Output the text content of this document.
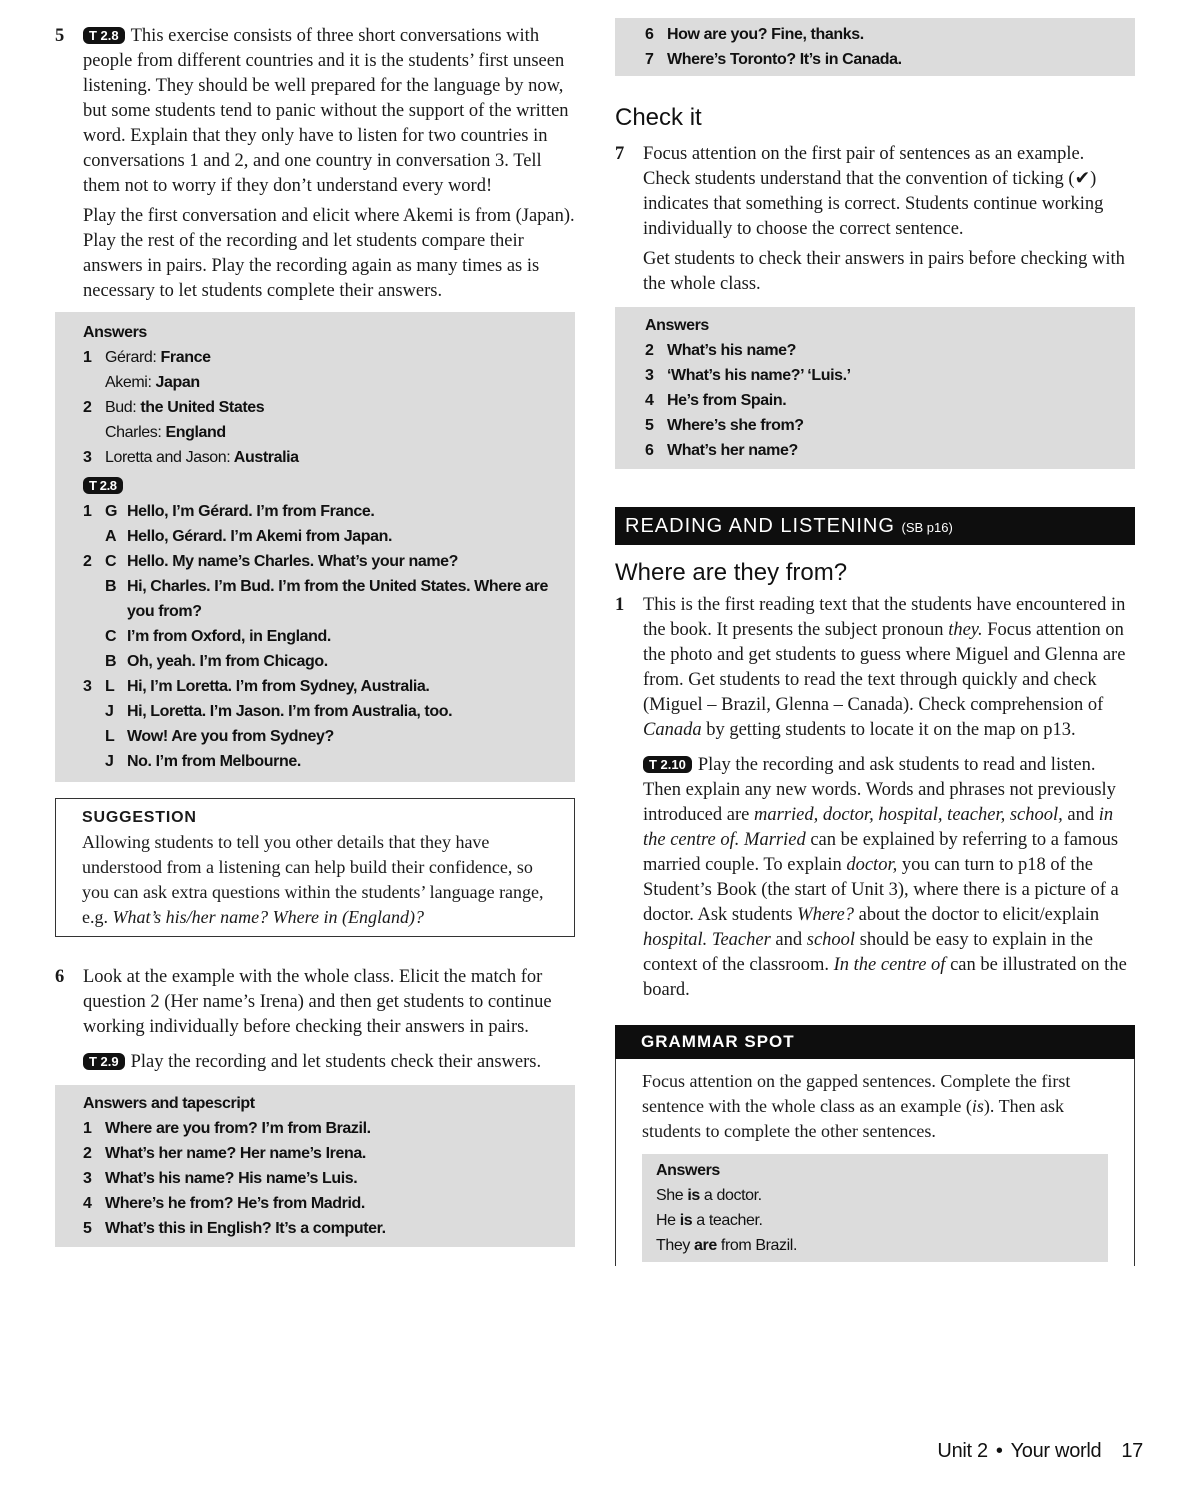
5	T 2.8 This exercise consists of three short conversations with people from different countries and it is the students’ first unseen listening. They should be well prepared for the language by now, but some students tend to panic without the support of the written word. Explain that they only have to listen for two countries in conversations 1 and 2, and one country in conversation 3. Tell them not to worry if they don’t understand every word!

Play the first conversation and elicit where Akemi is from (Japan). Play the rest of the recording and let students compare their answers in pairs. Play the recording again as many times as is necessary to let students complete their answers.

Answers
1 Gérard: France
Akemi: Japan
2 Bud: the United States
Charles: England
3 Loretta and Jason: Australia
T 2.8
1 G Hello, I’m Gérard. I’m from France.
A Hello, Gérard. I’m Akemi from Japan.
2 C Hello. My name’s Charles. What’s your name?
B Hi, Charles. I’m Bud. I’m from the United States. Where are you from?
C I’m from Oxford, in England.
B Oh, yeah. I’m from Chicago.
3 L Hi, I’m Loretta. I’m from Sydney, Australia.
J Hi, Loretta. I’m Jason. I’m from Australia, too.
L Wow! Are you from Sydney?
J No. I’m from Melbourne.
SUGGESTION
Allowing students to tell you other details that they have understood from a listening can help build their confidence, so you can ask extra questions within the students’ language range, e.g. What’s his/her name? Where in (England)?
6 Look at the example with the whole class. Elicit the match for question 2 (Her name’s Irena) and then get students to continue working individually before checking their answers in pairs.

T 2.9 Play the recording and let students check their answers.

Answers and tapescript
1 Where are you from? I’m from Brazil.
2 What’s her name? Her name’s Irena.
3 What’s his name? His name’s Luis.
4 Where’s he from? He’s from Madrid.
5 What’s this in English? It’s a computer.
6 How are you? Fine, thanks.
7 Where’s Toronto? It’s in Canada.
Check it
7 Focus attention on the first pair of sentences as an example. Check students understand that the convention of ticking (✔) indicates that something is correct. Students continue working individually to choose the correct sentence.

Get students to check their answers in pairs before checking with the whole class.

Answers
2 What’s his name?
3 ‘What’s his name?’ ‘Luis.’
4 He’s from Spain.
5 Where’s she from?
6 What’s her name?
READING AND LISTENING (SB p16)
Where are they from?
1 This is the first reading text that the students have encountered in the book. It presents the subject pronoun they. Focus attention on the photo and get students to guess where Miguel and Glenna are from. Get students to read the text through quickly and check (Miguel – Brazil, Glenna – Canada). Check comprehension of Canada by getting students to locate it on the map on p13.

T 2.10 Play the recording and ask students to read and listen. Then explain any new words. Words and phrases not previously introduced are married, doctor, hospital, teacher, school, and in the centre of. Married can be explained by referring to a famous married couple. To explain doctor, you can turn to p18 of the Student’s Book (the start of Unit 3), where there is a picture of a doctor. Ask students Where? about the doctor to elicit/explain hospital. Teacher and school should be easy to explain in the context of the classroom. In the centre of can be illustrated on the board.

GRAMMAR SPOT
Focus attention on the gapped sentences. Complete the first sentence with the whole class as an example (is). Then ask students to complete the other sentences.
Answers
She is a doctor.
He is a teacher.
They are from Brazil.
Unit 2 • Your world 17
